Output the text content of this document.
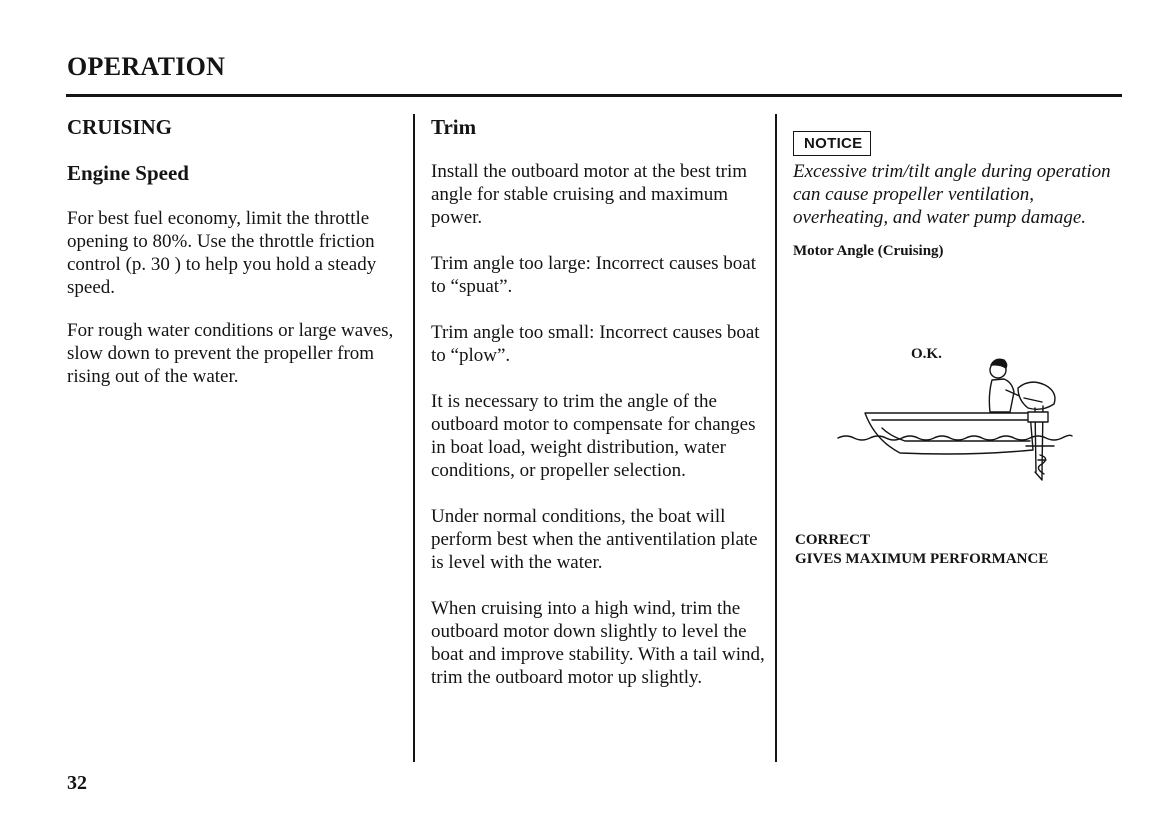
OPERATION
CRUISING
Engine Speed

For best fuel economy, limit the throttle opening to 80%. Use the throttle friction control (p. 30 ) to help you hold a steady speed.

For rough water conditions or large waves, slow down to prevent the propeller from rising out of the water.

Trim

Install the outboard motor at the best trim angle for stable cruising and maximum power.

Trim angle too large: Incorrect causes boat to “spuat”.

Trim angle too small: Incorrect causes boat to “plow”.

It is necessary to trim the angle of the outboard motor to compensate for changes in boat load, weight distribution, water conditions, or propeller selection.

Under normal conditions, the boat will perform best when the antiventilation plate is level with the water.

When cruising into a high wind, trim the outboard motor down slightly to level the boat and improve stability. With a tail wind, trim the outboard motor up slightly.

NOTICE

Excessive trim/tilt angle during operation can cause propeller ventilation, overheating, and water pump damage.

Motor Angle (Cruising)

O.K.
CORRECT
GIVES MAXIMUM PERFORMANCE
32
